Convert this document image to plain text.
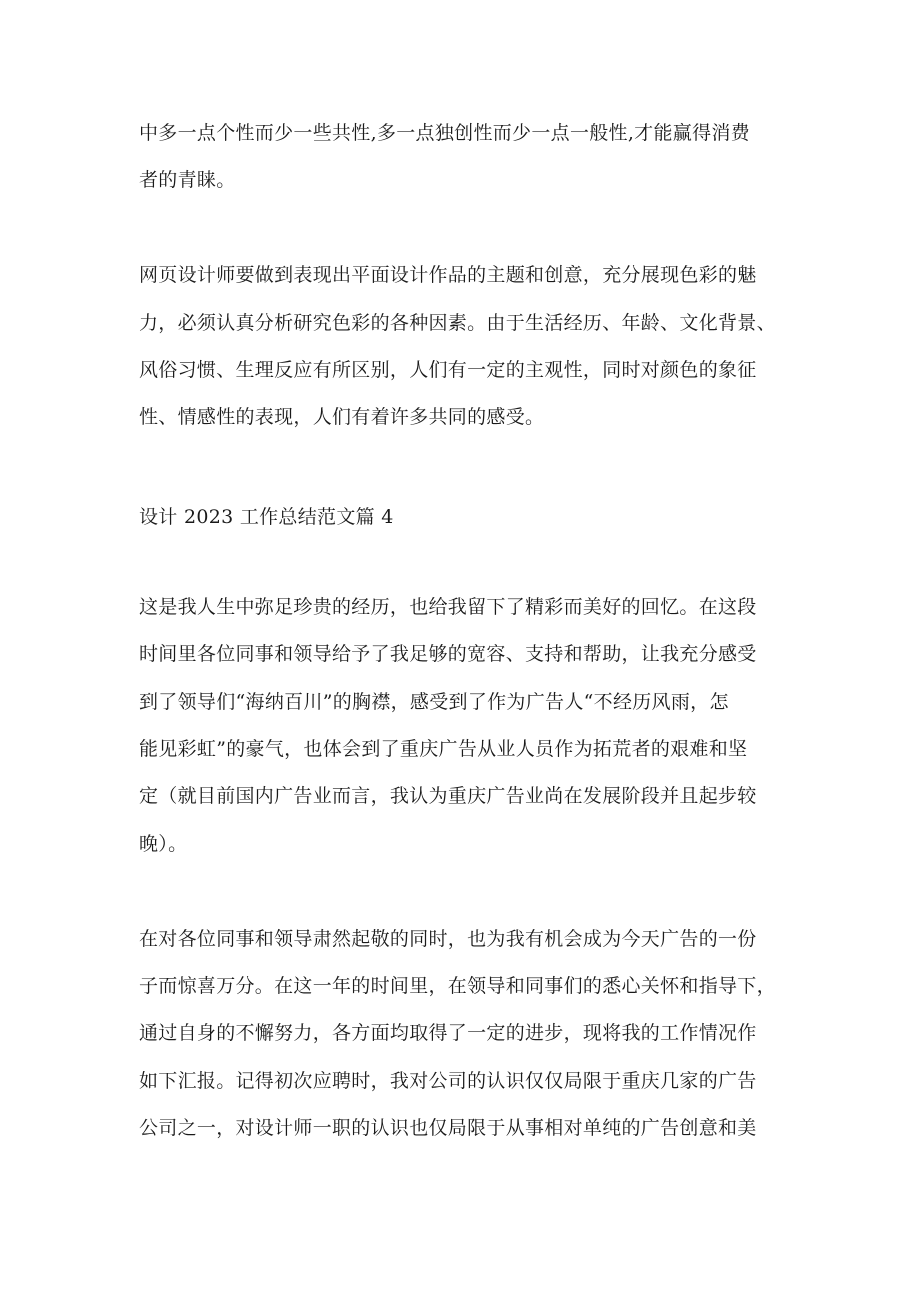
中多一点个性而少一些共性,多一点独创性而少一点一般性,才能赢得消费
者的青睐。
网页设计师要做到表现出平面设计作品的主题和创意，充分展现色彩的魅
力，必须认真分析研究色彩的各种因素。由于生活经历、年龄、文化背景、
风俗习惯、生理反应有所区别，人们有一定的主观性，同时对颜色的象征
性、情感性的表现，人们有着许多共同的感受。
设计 2023 工作总结范文篇 4
这是我人生中弥足珍贵的经历，也给我留下了精彩而美好的回忆。在这段
时间里各位同事和领导给予了我足够的宽容、支持和帮助，让我充分感受
到了领导们“海纳百川”的胸襟，感受到了作为广告人“不经历风雨，怎
能见彩虹”的豪气，也体会到了重庆广告从业人员作为拓荒者的艰难和坚
定（就目前国内广告业而言，我认为重庆广告业尚在发展阶段并且起步较
晚）。
在对各位同事和领导肃然起敬的同时，也为我有机会成为今天广告的一份
子而惊喜万分。在这一年的时间里，在领导和同事们的悉心关怀和指导下，
通过自身的不懈努力，各方面均取得了一定的进步，现将我的工作情况作
如下汇报。记得初次应聘时，我对公司的认识仅仅局限于重庆几家的广告
公司之一，对设计师一职的认识也仅局限于从事相对单纯的广告创意和美
